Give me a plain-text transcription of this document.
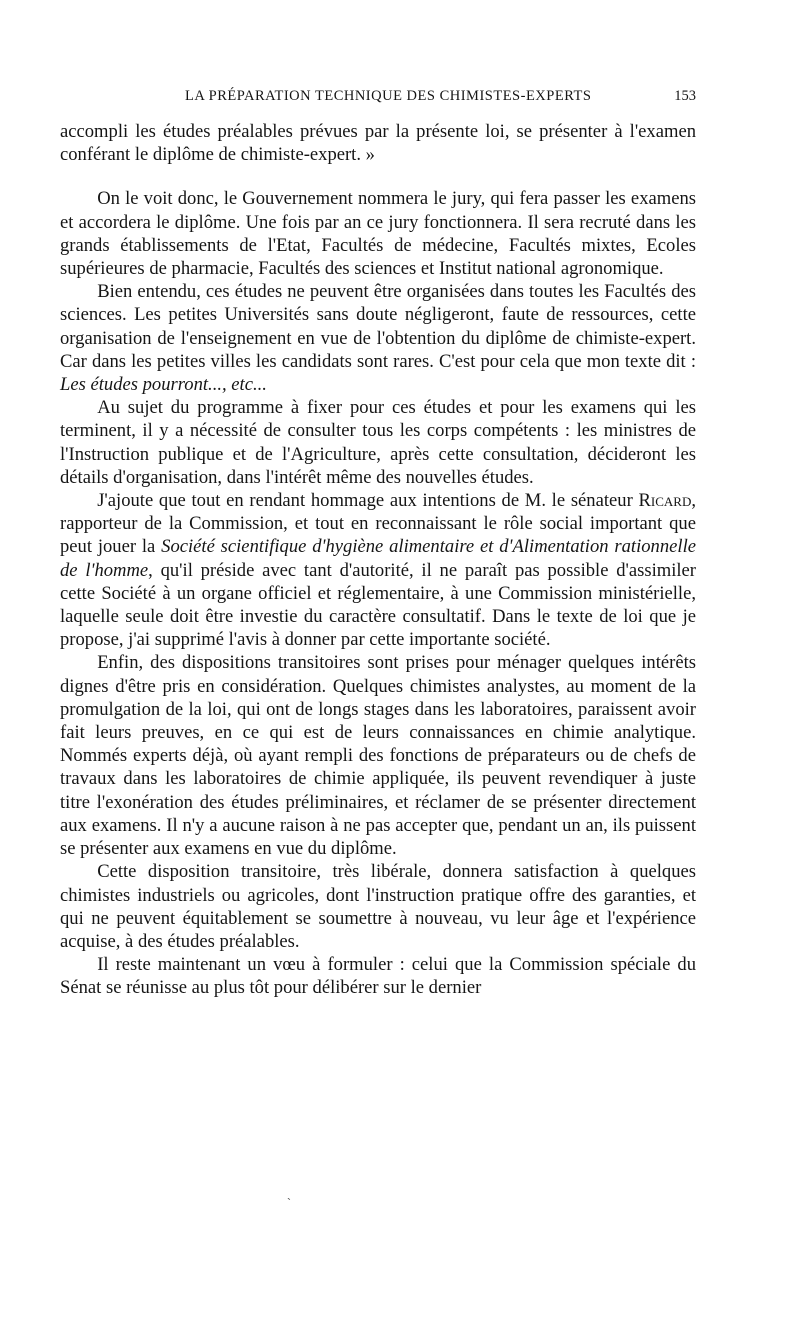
LA PRÉPARATION TECHNIQUE DES CHIMISTES-EXPERTS	153

accompli les études préalables prévues par la présente loi, se présenter à l'examen conférant le diplôme de chimiste-expert. »

On le voit donc, le Gouvernement nommera le jury, qui fera passer les examens et accordera le diplôme. Une fois par an ce jury fonctionnera. Il sera recruté dans les grands établissements de l'Etat, Facultés de médecine, Facultés mixtes, Ecoles supérieures de pharmacie, Facultés des sciences et Institut national agronomique.

Bien entendu, ces études ne peuvent être organisées dans toutes les Facultés des sciences. Les petites Universités sans doute négligeront, faute de ressources, cette organisation de l'enseignement en vue de l'obtention du diplôme de chimiste-expert. Car dans les petites villes les candidats sont rares. C'est pour cela que mon texte dit : Les études pourront..., etc...

Au sujet du programme à fixer pour ces études et pour les examens qui les terminent, il y a nécessité de consulter tous les corps compétents : les ministres de l'Instruction publique et de l'Agriculture, après cette consultation, décideront les détails d'organisation, dans l'intérêt même des nouvelles études.

J'ajoute que tout en rendant hommage aux intentions de M. le sénateur Ricard, rapporteur de la Commission, et tout en reconnaissant le rôle social important que peut jouer la Société scientifique d'hygiène alimentaire et d'Alimentation rationnelle de l'homme, qu'il préside avec tant d'autorité, il ne paraît pas possible d'assimiler cette Société à un organe officiel et réglementaire, à une Commission ministérielle, laquelle seule doit être investie du caractère consultatif. Dans le texte de loi que je propose, j'ai supprimé l'avis à donner par cette importante société.

Enfin, des dispositions transitoires sont prises pour ménager quelques intérêts dignes d'être pris en considération. Quelques chimistes analystes, au moment de la promulgation de la loi, qui ont de longs stages dans les laboratoires, paraissent avoir fait leurs preuves, en ce qui est de leurs connaissances en chimie analytique. Nommés experts déjà, où ayant rempli des fonctions de préparateurs ou de chefs de travaux dans les laboratoires de chimie appliquée, ils peuvent revendiquer à juste titre l'exonération des études préliminaires, et réclamer de se présenter directement aux examens. Il n'y a aucune raison à ne pas accepter que, pendant un an, ils puissent se présenter aux examens en vue du diplôme.

Cette disposition transitoire, très libérale, donnera satisfaction à quelques chimistes industriels ou agricoles, dont l'instruction pratique offre des garanties, et qui ne peuvent équitablement se soumettre à nouveau, vu leur âge et l'expérience acquise, à des études préalables.

Il reste maintenant un vœu à formuler : celui que la Commission spéciale du Sénat se réunisse au plus tôt pour délibérer sur le dernier

˴
